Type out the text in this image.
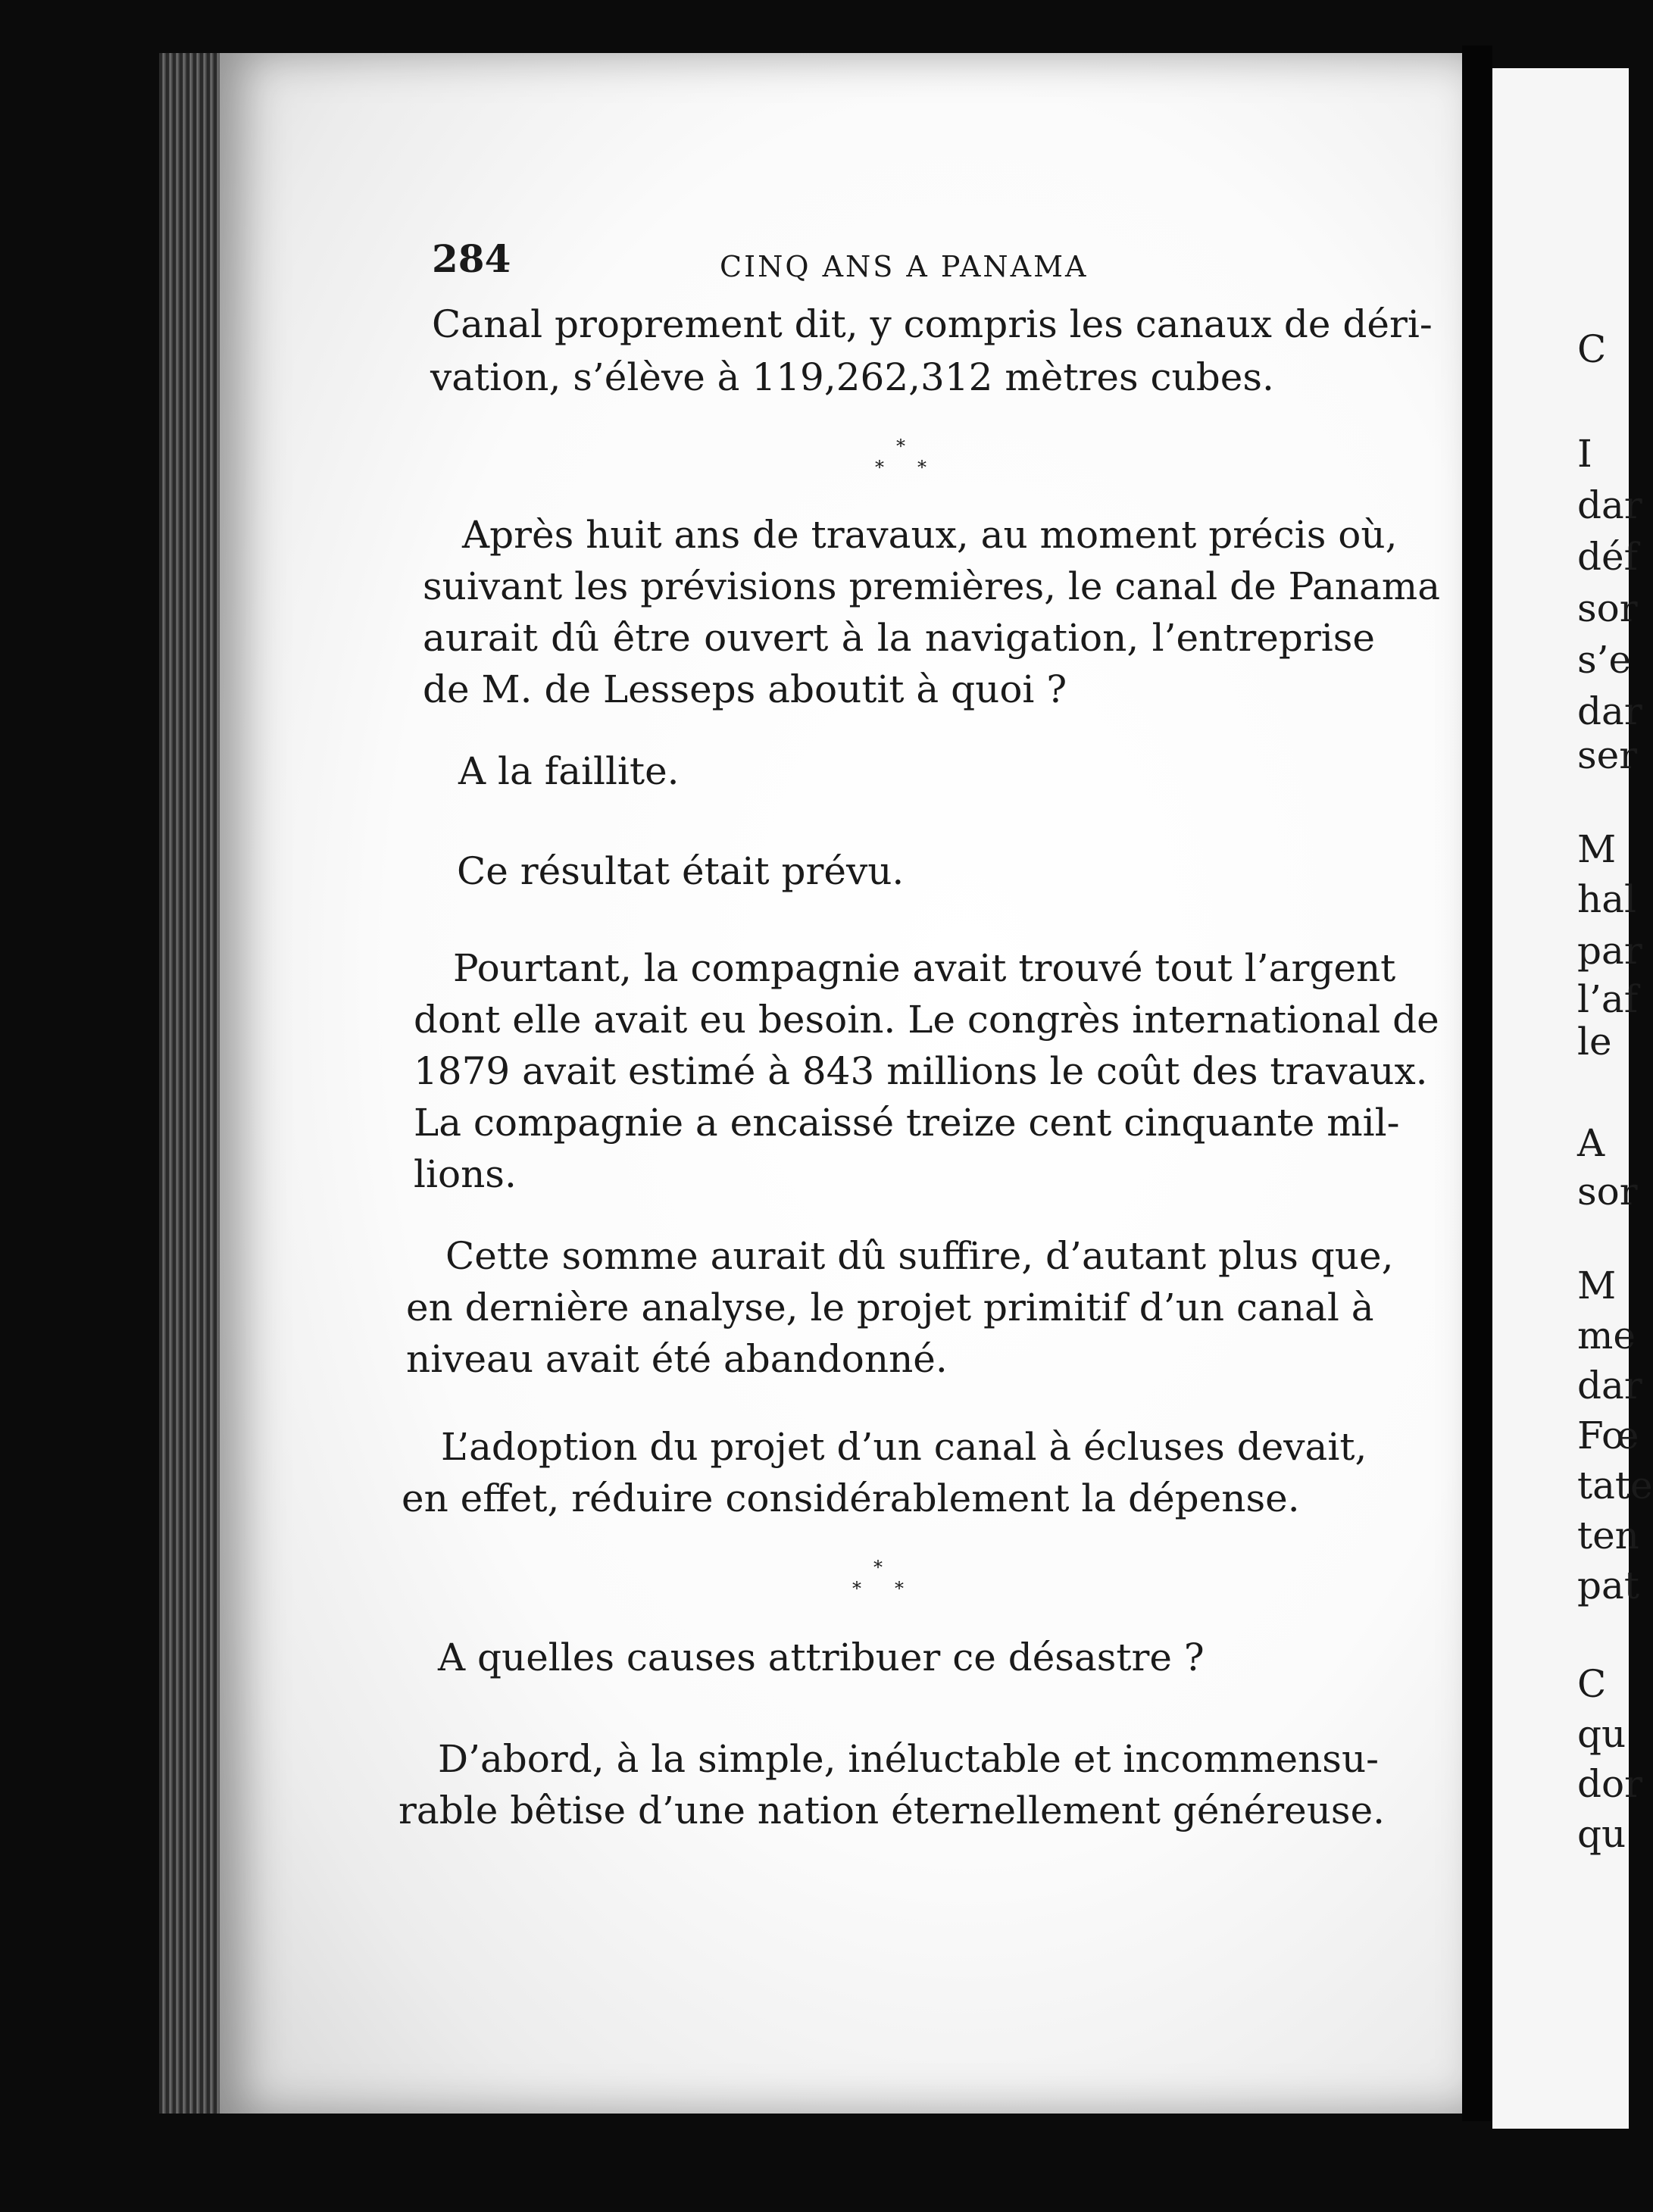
284	CINQ ANS A PANAMA
Canal proprement dit, y compris les canaux de déri-
vation, s’élève à 119,262,312 mètres cubes.
*
* *
Après huit ans de travaux, au moment précis où,
suivant les prévisions premières, le canal de Panama
aurait dû être ouvert à la navigation, l’entreprise
de M. de Lesseps aboutit à quoi ?
A la faillite.
Ce résultat était prévu.
Pourtant, la compagnie avait trouvé tout l’argent
dont elle avait eu besoin. Le congrès international de
1879 avait estimé à 843 millions le coût des travaux.
La compagnie a encaissé treize cent cinquante mil-
lions.
Cette somme aurait dû suffire, d’autant plus que,
en dernière analyse, le projet primitif d’un canal à
niveau avait été abandonné.
L’adoption du projet d’un canal à écluses devait,
en effet, réduire considérablement la dépense.
*
* *
A quelles causes attribuer ce désastre ?
D’abord, à la simple, inéluctable et incommensu-
rable bêtise d’une nation éternellement généreuse.
C
I
dar
déf
sor
s’e
dar
ser
M
hal
par
l’af
le
A
sor
M
me
dar
Fœ
tate
ten
pat
C
qu
dor
qu
